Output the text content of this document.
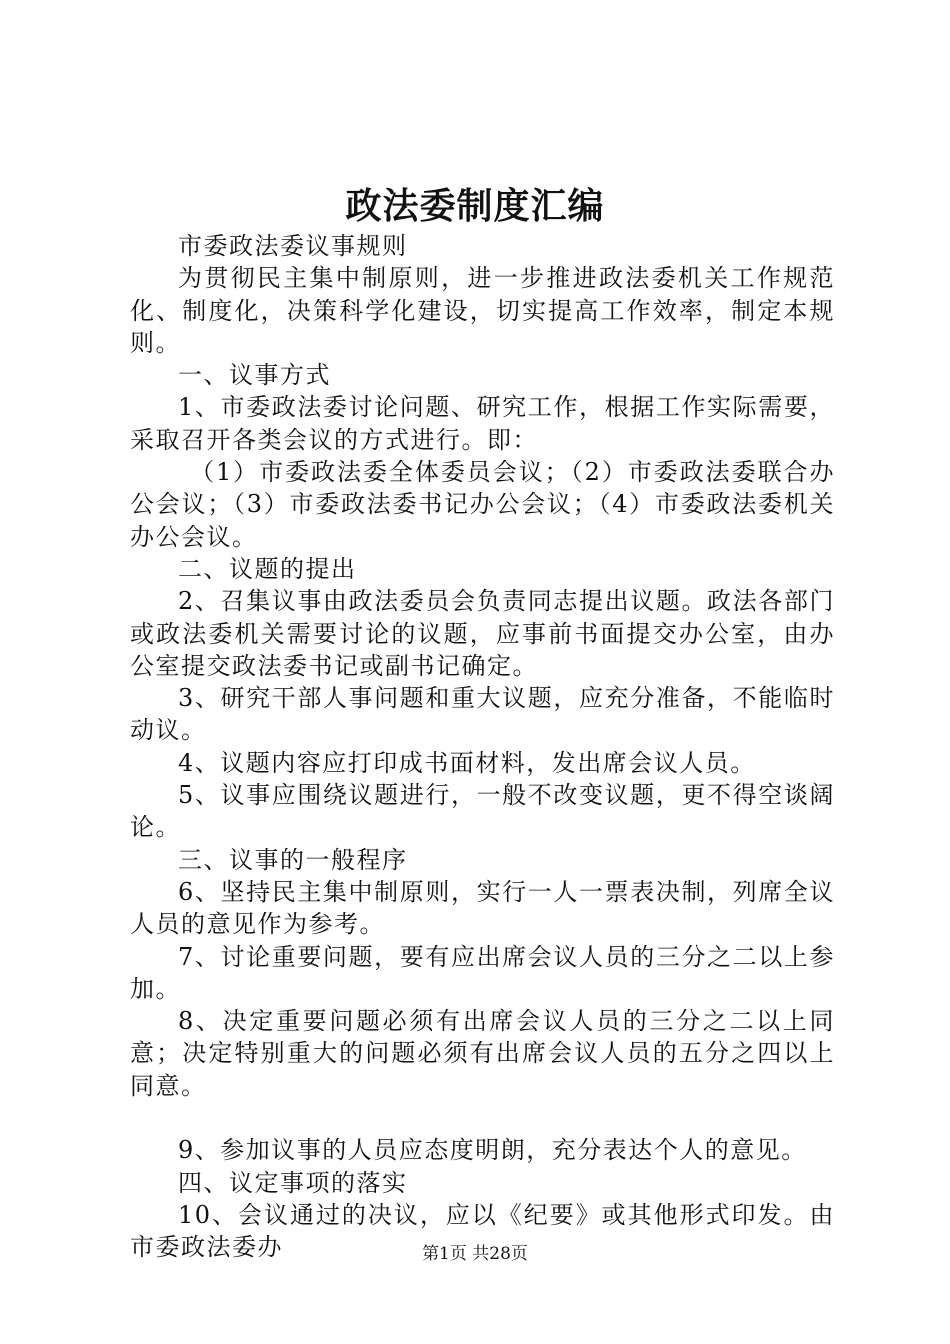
政法委制度汇编

市委政法委议事规则

为贯彻民主集中制原则，进一步推进政法委机关工作规范化、制度化，决策科学化建设，切实提高工作效率，制定本规则。

一、议事方式

1、市委政法委讨论问题、研究工作，根据工作实际需要，采取召开各类会议的方式进行。即：

（1）市委政法委全体委员会议；（2）市委政法委联合办公会议；（3）市委政法委书记办公会议；（4）市委政法委机关办公会议。

二、议题的提出

2、召集议事由政法委员会负责同志提出议题。政法各部门或政法委机关需要讨论的议题，应事前书面提交办公室，由办公室提交政法委书记或副书记确定。

3、研究干部人事问题和重大议题，应充分准备，不能临时动议。

4、议题内容应打印成书面材料，发出席会议人员。

5、议事应围绕议题进行，一般不改变议题，更不得空谈阔论。

三、议事的一般程序

6、坚持民主集中制原则，实行一人一票表决制，列席全议人员的意见作为参考。

7、讨论重要问题，要有应出席会议人员的三分之二以上参加。

8、决定重要问题必须有出席会议人员的三分之二以上同意；决定特别重大的问题必须有出席会议人员的五分之四以上同意。

9、参加议事的人员应态度明朗，充分表达个人的意见。

四、议定事项的落实

10、会议通过的决议，应以《纪要》或其他形式印发。由市委政法委办	第1页 共28页
